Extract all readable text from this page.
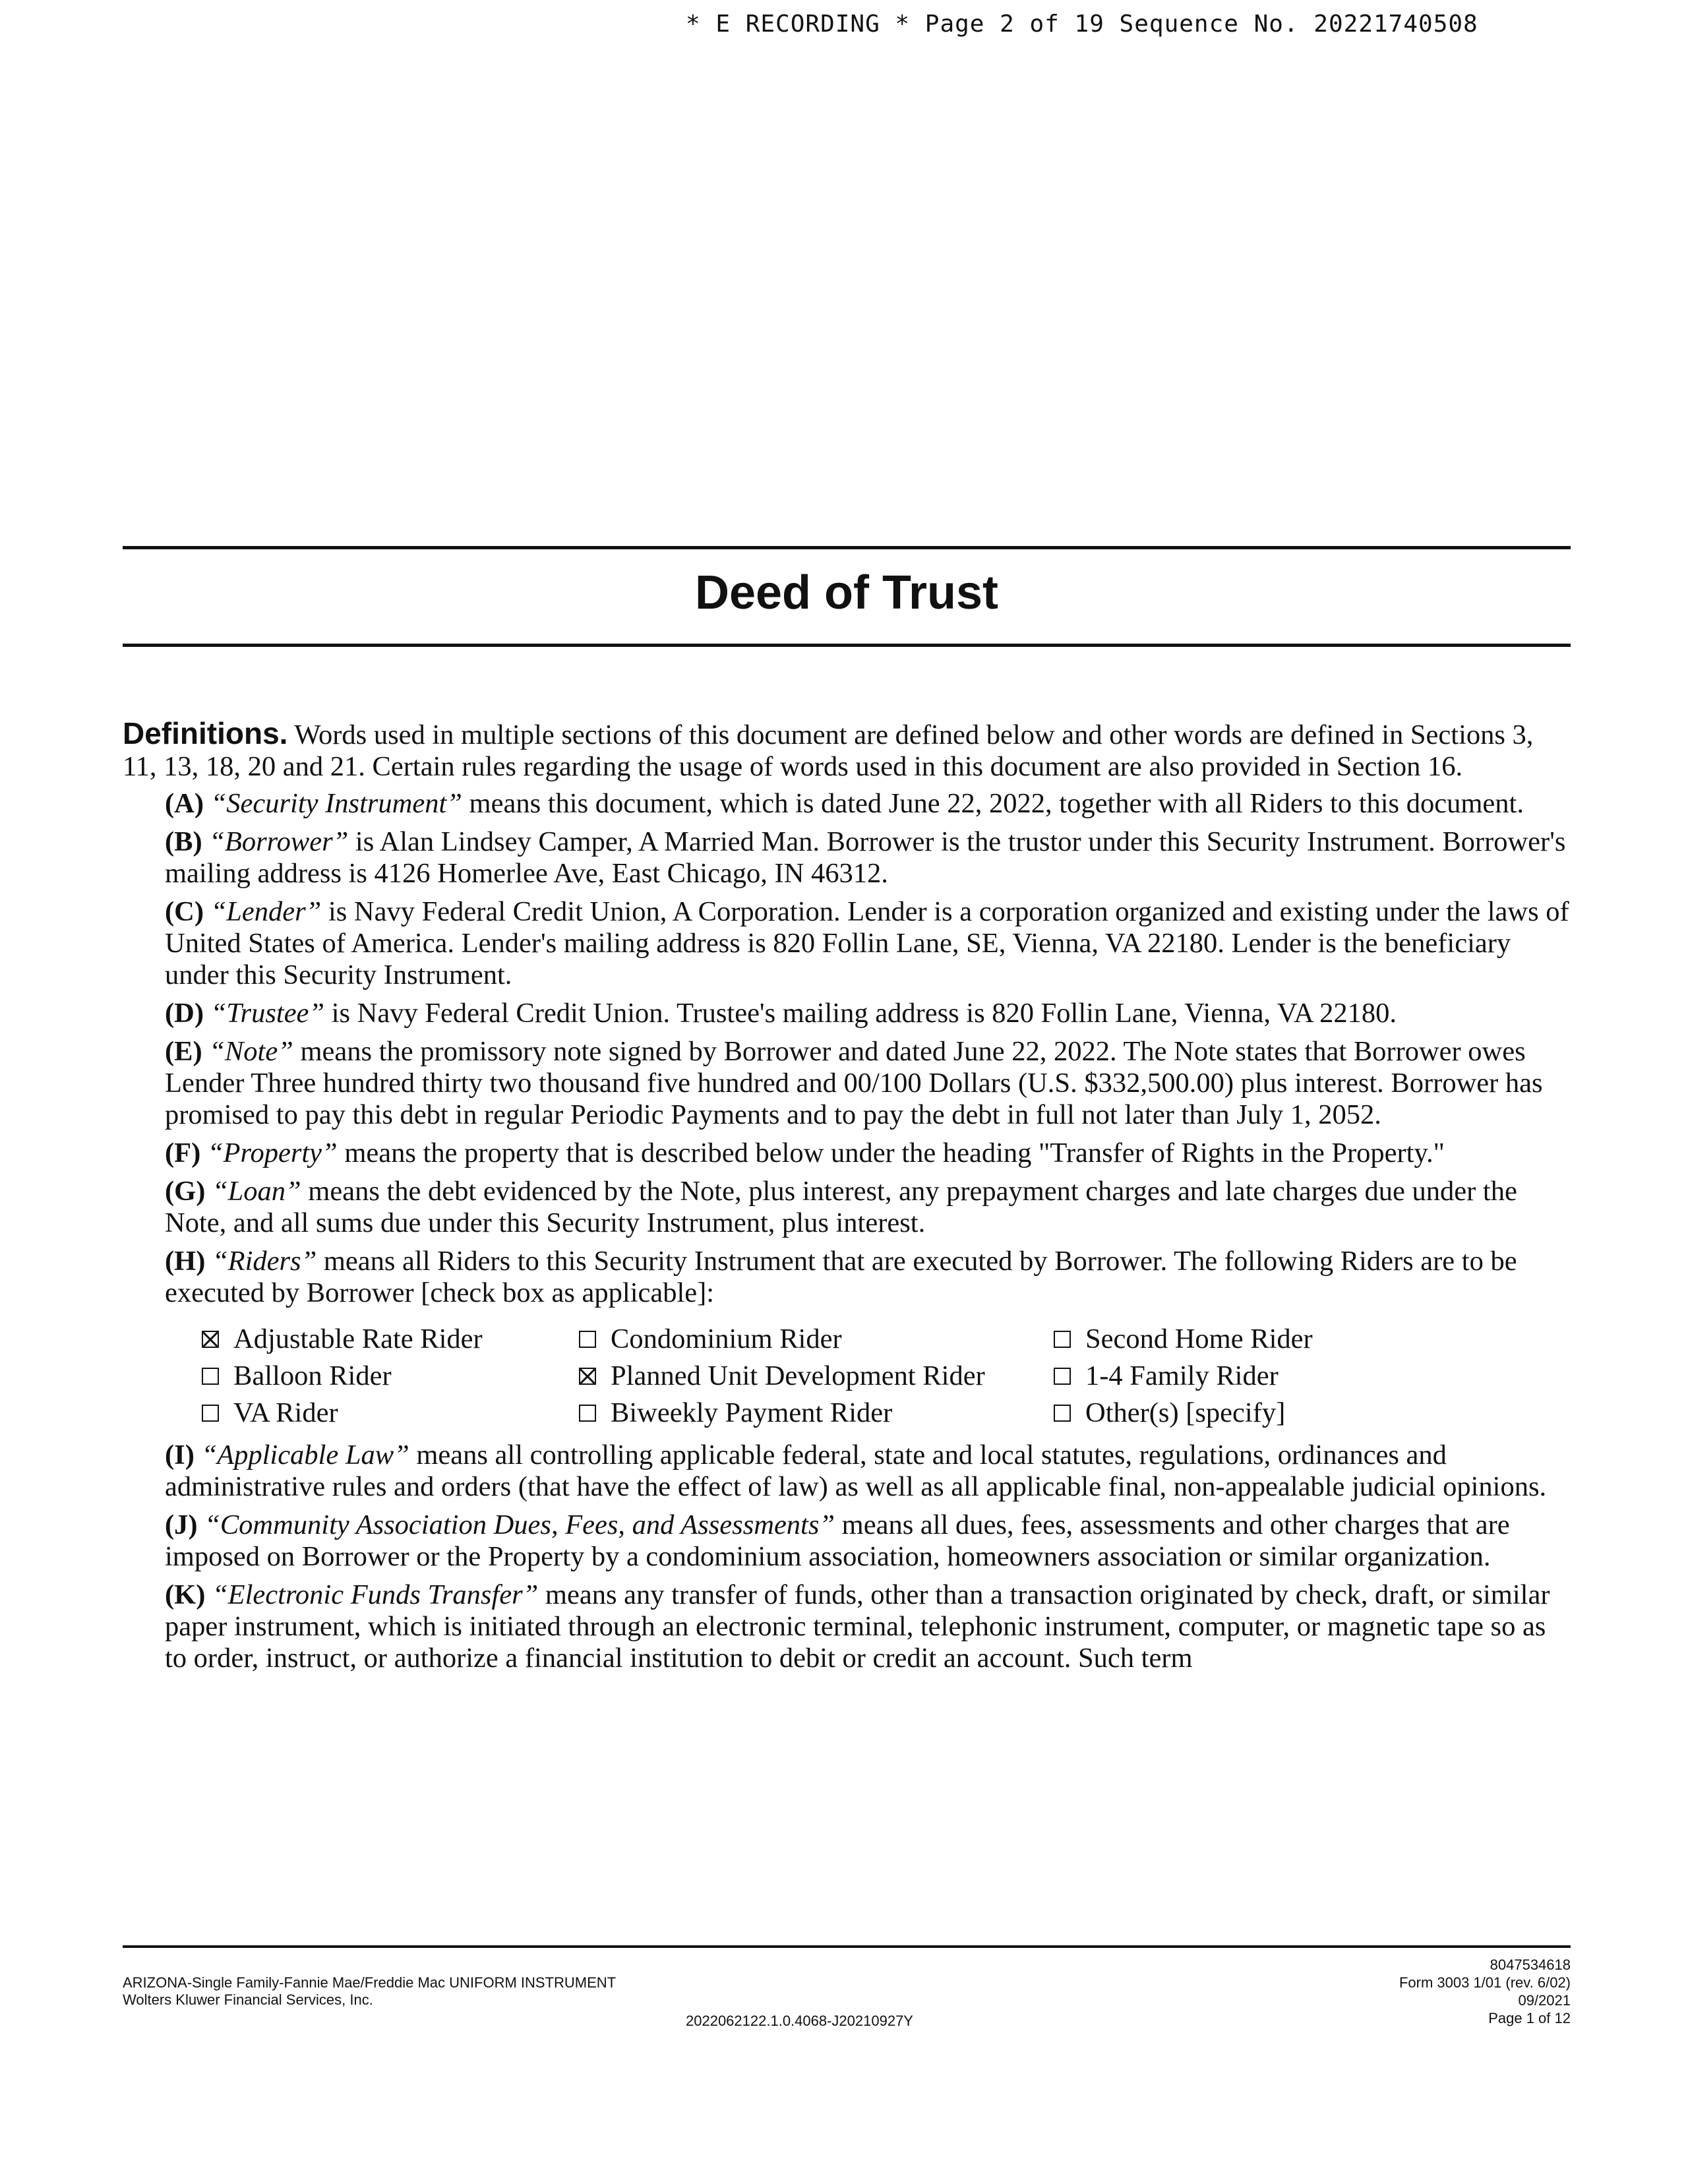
* E RECORDING * Page 2 of 19 Sequence No. 20221740508
Deed of Trust

Definitions. Words used in multiple sections of this document are defined below and other words are defined in Sections 3, 11, 13, 18, 20 and 21. Certain rules regarding the usage of words used in this document are also provided in Section 16.

(A) “Security Instrument” means this document, which is dated June 22, 2022, together with all Riders to this document.

(B) “Borrower” is Alan Lindsey Camper, A Married Man. Borrower is the trustor under this Security Instrument. Borrower's mailing address is 4126 Homerlee Ave, East Chicago, IN 46312.

(C) “Lender” is Navy Federal Credit Union, A Corporation. Lender is a corporation organized and existing under the laws of United States of America. Lender's mailing address is 820 Follin Lane, SE, Vienna, VA 22180. Lender is the beneficiary under this Security Instrument.

(D) “Trustee” is Navy Federal Credit Union. Trustee's mailing address is 820 Follin Lane, Vienna, VA 22180.

(E) “Note” means the promissory note signed by Borrower and dated June 22, 2022. The Note states that Borrower owes Lender Three hundred thirty two thousand five hundred and 00/100 Dollars (U.S. $332,500.00) plus interest. Borrower has promised to pay this debt in regular Periodic Payments and to pay the debt in full not later than July 1, 2052.

(F) “Property” means the property that is described below under the heading "Transfer of Rights in the Property."

(G) “Loan” means the debt evidenced by the Note, plus interest, any prepayment charges and late charges due under the Note, and all sums due under this Security Instrument, plus interest.

(H) “Riders” means all Riders to this Security Instrument that are executed by Borrower. The following Riders are to be executed by Borrower [check box as applicable]:

Adjustable Rate Rider	Condominium Rider	Second Home Rider
Balloon Rider	Planned Unit Development Rider	1-4 Family Rider
VA Rider	Biweekly Payment Rider	Other(s) [specify]

(I) “Applicable Law” means all controlling applicable federal, state and local statutes, regulations, ordinances and administrative rules and orders (that have the effect of law) as well as all applicable final, non-appealable judicial opinions.

(J) “Community Association Dues, Fees, and Assessments” means all dues, fees, assessments and other charges that are imposed on Borrower or the Property by a condominium association, homeowners association or similar organization.

(K) “Electronic Funds Transfer” means any transfer of funds, other than a transaction originated by check, draft, or similar paper instrument, which is initiated through an electronic terminal, telephonic instrument, computer, or magnetic tape so as to order, instruct, or authorize a financial institution to debit or credit an account. Such term

ARIZONA-Single Family-Fannie Mae/Freddie Mac UNIFORM INSTRUMENT
Wolters Kluwer Financial Services, Inc.
2022062122.1.0.4068-J20210927Y
8047534618
Form 3003 1/01 (rev. 6/02)
09/2021
Page 1 of 12
